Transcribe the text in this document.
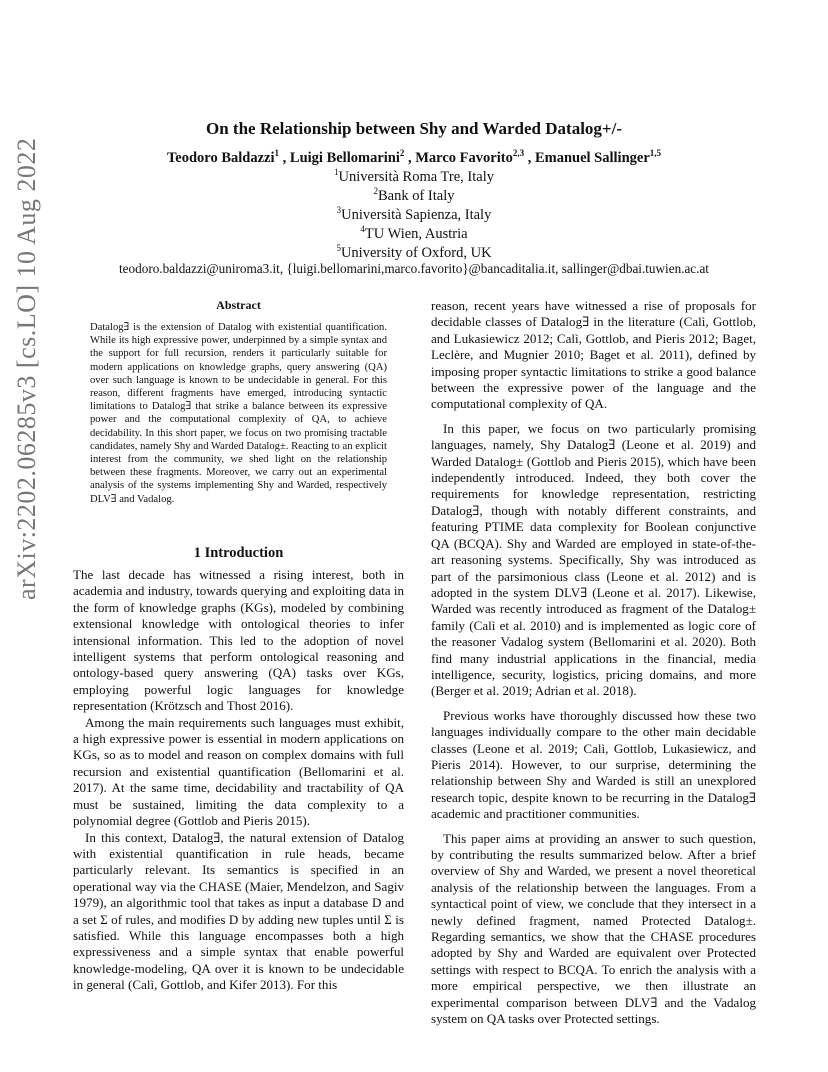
arXiv:2202.06285v3 [cs.LO] 10 Aug 2022
On the Relationship between Shy and Warded Datalog+/-
Teodoro Baldazzi$^1$ , Luigi Bellomarini$^2$ , Marco Favorito$^{2,3}$ , Emanuel Sallinger$^{1,5}$
$^1$Università Roma Tre, Italy
$^2$Bank of Italy
$^3$Università Sapienza, Italy
$^4$TU Wien, Austria
$^5$University of Oxford, UK
teodoro.baldazzi@uniroma3.it, {luigi.bellomarini,marco.favorito}@bancaditalia.it, sallinger@dbai.tuwien.ac.at
Abstract
Datalog∃ is the extension of Datalog with existential quantification. While its high expressive power, underpinned by a simple syntax and the support for full recursion, renders it particularly suitable for modern applications on knowledge graphs, query answering (QA) over such language is known to be undecidable in general. For this reason, different fragments have emerged, introducing syntactic limitations to Datalog∃ that strike a balance between its expressive power and the computational complexity of QA, to achieve decidability. In this short paper, we focus on two promising tractable candidates, namely Shy and Warded Datalog±. Reacting to an explicit interest from the community, we shed light on the relationship between these fragments. Moreover, we carry out an experimental analysis of the systems implementing Shy and Warded, respectively DLV∃ and Vadalog.
1 Introduction

The last decade has witnessed a rising interest, both in academia and industry, towards querying and exploiting data in the form of knowledge graphs (KGs), modeled by combining extensional knowledge with ontological theories to infer intensional information. This led to the adoption of novel intelligent systems that perform ontological reasoning and ontology-based query answering (QA) tasks over KGs, employing powerful logic languages for knowledge representation (Krötzsch and Thost 2016).

Among the main requirements such languages must exhibit, a high expressive power is essential in modern applications on KGs, so as to model and reason on complex domains with full recursion and existential quantification (Bellomarini et al. 2017). At the same time, decidability and tractability of QA must be sustained, limiting the data complexity to a polynomial degree (Gottlob and Pieris 2015).

In this context, Datalog∃, the natural extension of Datalog with existential quantification in rule heads, became particularly relevant. Its semantics is specified in an operational way via the CHASE (Maier, Mendelzon, and Sagiv 1979), an algorithmic tool that takes as input a database D and a set Σ of rules, and modifies D by adding new tuples until Σ is satisfied. While this language encompasses both a high expressiveness and a simple syntax that enable powerful knowledge-modeling, QA over it is known to be undecidable in general (Calì, Gottlob, and Kifer 2013). For this

reason, recent years have witnessed a rise of proposals for decidable classes of Datalog∃ in the literature (Calì, Gottlob, and Lukasiewicz 2012; Calì, Gottlob, and Pieris 2012; Baget, Leclère, and Mugnier 2010; Baget et al. 2011), defined by imposing proper syntactic limitations to strike a good balance between the expressive power of the language and the computational complexity of QA.

In this paper, we focus on two particularly promising languages, namely, Shy Datalog∃ (Leone et al. 2019) and Warded Datalog± (Gottlob and Pieris 2015), which have been independently introduced. Indeed, they both cover the requirements for knowledge representation, restricting Datalog∃, though with notably different constraints, and featuring PTIME data complexity for Boolean conjunctive QA (BCQA). Shy and Warded are employed in state-of-the-art reasoning systems. Specifically, Shy was introduced as part of the parsimonious class (Leone et al. 2012) and is adopted in the system DLV∃ (Leone et al. 2017). Likewise, Warded was recently introduced as fragment of the Datalog± family (Calì et al. 2010) and is implemented as logic core of the reasoner Vadalog system (Bellomarini et al. 2020). Both find many industrial applications in the financial, media intelligence, security, logistics, pricing domains, and more (Berger et al. 2019; Adrian et al. 2018).

Previous works have thoroughly discussed how these two languages individually compare to the other main decidable classes (Leone et al. 2019; Calì, Gottlob, Lukasiewicz, and Pieris 2014). However, to our surprise, determining the relationship between Shy and Warded is still an unexplored research topic, despite known to be recurring in the Datalog∃ academic and practitioner communities.

This paper aims at providing an answer to such question, by contributing the results summarized below. After a brief overview of Shy and Warded, we present a novel theoretical analysis of the relationship between the languages. From a syntactical point of view, we conclude that they intersect in a newly defined fragment, named Protected Datalog±. Regarding semantics, we show that the CHASE procedures adopted by Shy and Warded are equivalent over Protected settings with respect to BCQA. To enrich the analysis with a more empirical perspective, we then illustrate an experimental comparison between DLV∃ and the Vadalog system on QA tasks over Protected settings.
